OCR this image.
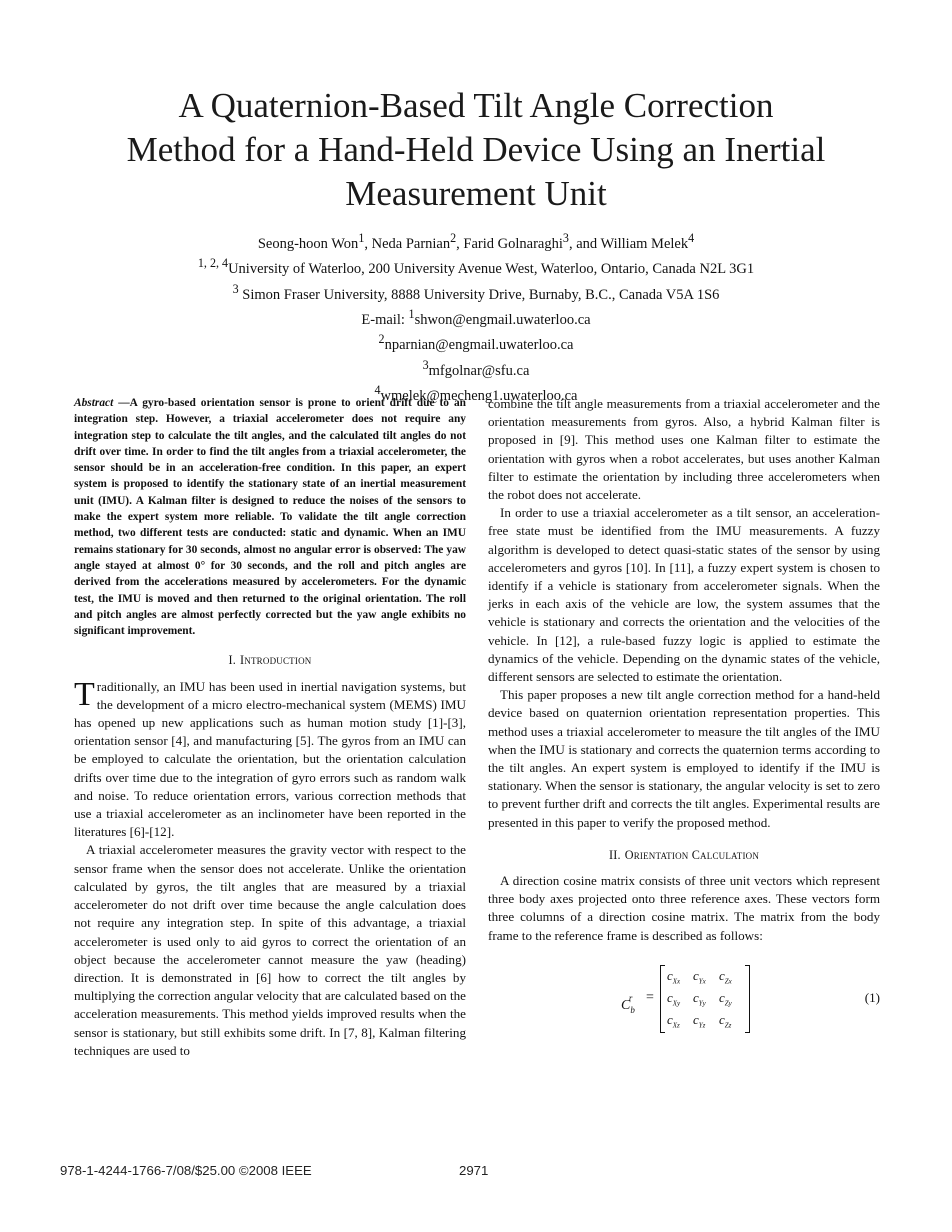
A Quaternion-Based Tilt Angle Correction
Method for a Hand-Held Device Using an Inertial
Measurement Unit
Seong-hoon Won$^1$, Neda Parnian$^2$, Farid Golnaraghi$^3$, and William Melek$^4$
$^{1, 2, 4}$University of Waterloo, 200 University Avenue West, Waterloo, Ontario, Canada N2L 3G1
$^3$ Simon Fraser University, 8888 University Drive, Burnaby, B.C., Canada V5A 1S6
E-mail: $^1$shwon@engmail.uwaterloo.ca
$^2$nparnian@engmail.uwaterloo.ca
$^3$mfgolnar@sfu.ca
$^4$wmelek@mecheng1.uwaterloo.ca
Abstract —A gyro-based orientation sensor is prone to orient drift due to an integration step. However, a triaxial accelerometer does not require any integration step to calculate the tilt angles, and the calculated tilt angles do not drift over time. In order to find the tilt angles from a triaxial accelerometer, the sensor should be in an acceleration-free condition. In this paper, an expert system is proposed to identify the stationary state of an inertial measurement unit (IMU). A Kalman filter is designed to reduce the noises of the sensors to make the expert system more reliable. To validate the tilt angle correction method, two different tests are conducted: static and dynamic. When an IMU remains stationary for 30 seconds, almost no angular error is observed: The yaw angle stayed at almost 0° for 30 seconds, and the roll and pitch angles are derived from the accelerations measured by accelerometers. For the dynamic test, the IMU is moved and then returned to the original orientation. The roll and pitch angles are almost perfectly corrected but the yaw angle exhibits no significant improvement.
I. Introduction

Traditionally, an IMU has been used in inertial navigation systems, but the development of a micro electro-mechanical system (MEMS) IMU has opened up new applications such as human motion study [1]-[3], orientation sensor [4], and manufacturing [5]. The gyros from an IMU can be employed to calculate the orientation, but the orientation calculation drifts over time due to the integration of gyro errors such as random walk and noise. To reduce orientation errors, various correction methods that use a triaxial accelerometer as an inclinometer have been reported in the literatures [6]-[12].

A triaxial accelerometer measures the gravity vector with respect to the sensor frame when the sensor does not accelerate. Unlike the orientation calculated by gyros, the tilt angles that are measured by a triaxial accelerometer do not drift over time because the angle calculation does not require any integration step. In spite of this advantage, a triaxial accelerometer is used only to aid gyros to correct the orientation of an object because the accelerometer cannot measure the yaw (heading) direction. It is demonstrated in [6] how to correct the tilt angles by multiplying the correction angular velocity that are calculated based on the acceleration measurements. This method yields improved results when the sensor is stationary, but still exhibits some drift. In [7, 8], Kalman filtering techniques are used to

combine the tilt angle measurements from a triaxial accelerometer and the orientation measurements from gyros. Also, a hybrid Kalman filter is proposed in [9]. This method uses one Kalman filter to estimate the orientation with gyros when a robot accelerates, but uses another Kalman filter to estimate the orientation by including three accelerometers when the robot does not accelerate.

In order to use a triaxial accelerometer as a tilt sensor, an acceleration-free state must be identified from the IMU measurements. A fuzzy algorithm is developed to detect quasi-static states of the sensor by using accelerometers and gyros [10]. In [11], a fuzzy expert system is chosen to identify if a vehicle is stationary from accelerometer signals. When the jerks in each axis of the vehicle are low, the system assumes that the vehicle is stationary and corrects the orientation and the velocities of the vehicle. In [12], a rule-based fuzzy logic is applied to estimate the dynamics of the vehicle. Depending on the dynamic states of the vehicle, different sensors are selected to estimate the orientation.

This paper proposes a new tilt angle correction method for a hand-held device based on quaternion orientation representation properties. This method uses a triaxial accelerometer to measure the tilt angles of the IMU when the IMU is stationary and corrects the quaternion terms according to the tilt angles. An expert system is employed to identify if the IMU is stationary. When the sensor is stationary, the angular velocity is set to zero to prevent further drift and corrects the tilt angles. Experimental results are presented in this paper to verify the proposed method.

II. Orientation Calculation

A direction cosine matrix consists of three unit vectors which represent three body axes projected onto three reference axes. These vectors form three columns of a direction cosine matrix. The matrix from the body frame to the reference frame is described as follows:

$C_b^r$ =
$c_{Xx}$ $c_{Yx}$ $c_{Zx}$
$c_{Xy}$ $c_{Yy}$ $c_{Zy}$
$c_{Xz}$ $c_{Yz}$ $c_{Zz}$
(1)
978-1-4244-1766-7/08/$25.00 ©2008 IEEE	2971
